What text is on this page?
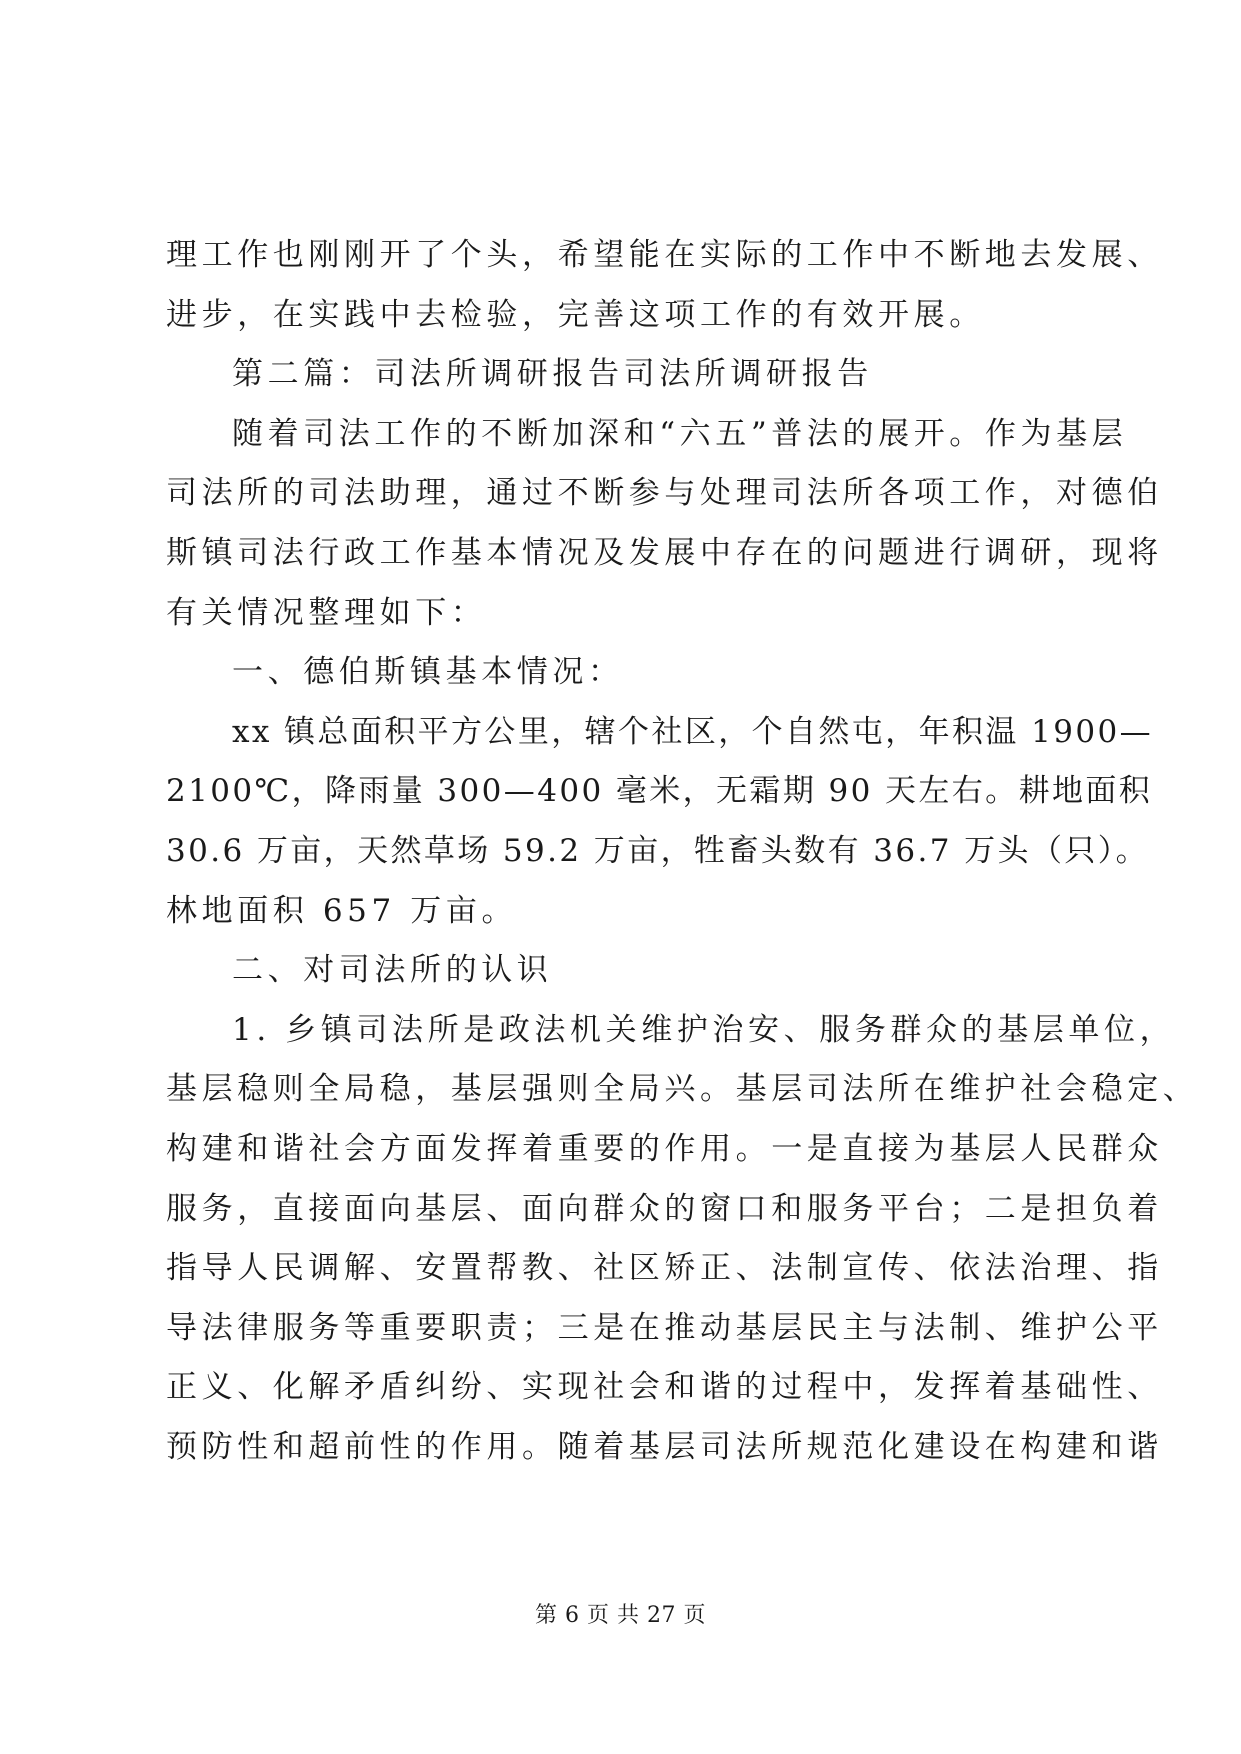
理工作也刚刚开了个头，希望能在实际的工作中不断地去发展、
进步，在实践中去检验，完善这项工作的有效开展。
第二篇：司法所调研报告司法所调研报告
随着司法工作的不断加深和“六五”普法的展开。作为基层
司法所的司法助理，通过不断参与处理司法所各项工作，对德伯
斯镇司法行政工作基本情况及发展中存在的问题进行调研，现将
有关情况整理如下：
一、德伯斯镇基本情况：
xx 镇总面积平方公里，辖个社区，个自然屯，年积温 1900—
2100℃，降雨量 300—400 毫米，无霜期 90 天左右。耕地面积
30.6 万亩，天然草场 59.2 万亩，牲畜头数有 36.7 万头（只）。
林地面积 657 万亩。
二、对司法所的认识
1. 乡镇司法所是政法机关维护治安、服务群众的基层单位，
基层稳则全局稳，基层强则全局兴。基层司法所在维护社会稳定、
构建和谐社会方面发挥着重要的作用。一是直接为基层人民群众
服务，直接面向基层、面向群众的窗口和服务平台；二是担负着
指导人民调解、安置帮教、社区矫正、法制宣传、依法治理、指
导法律服务等重要职责；三是在推动基层民主与法制、维护公平
正义、化解矛盾纠纷、实现社会和谐的过程中，发挥着基础性、
预防性和超前性的作用。随着基层司法所规范化建设在构建和谐
第 6 页 共 27 页
